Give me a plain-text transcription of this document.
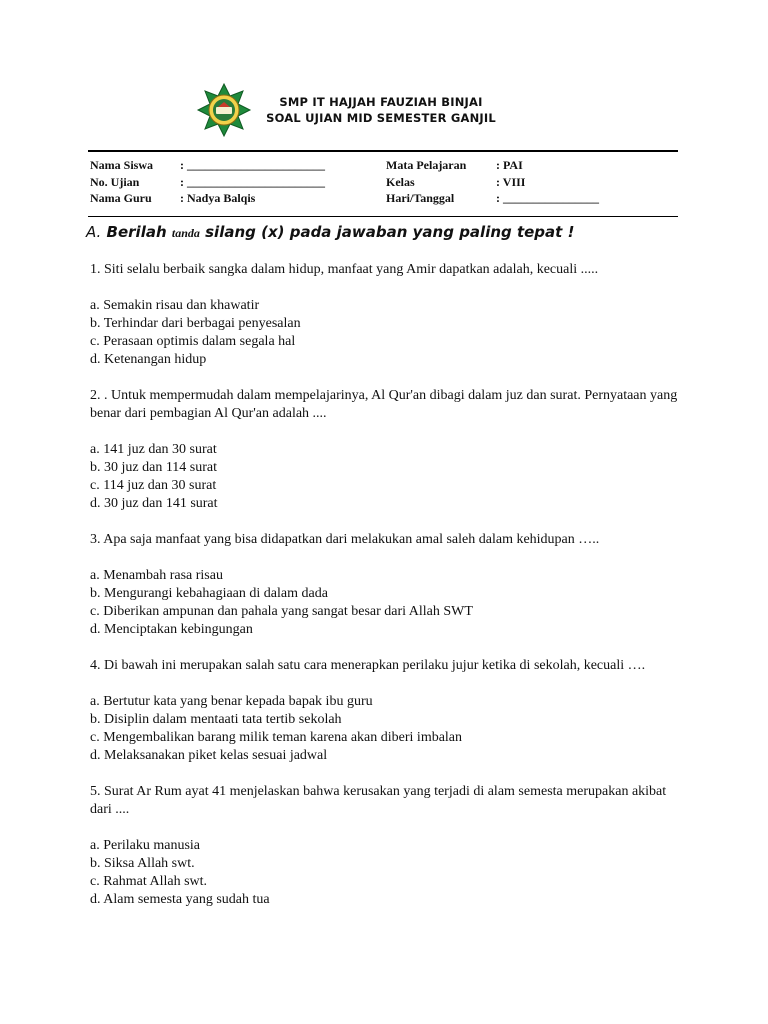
SMP IT HAJJAH FAUZIAH BINJAI
SOAL UJIAN MID SEMESTER GANJIL
Nama Siswa : _______________________	Mata Pelajaran : PAI
No. Ujian	: _______________________	Kelas	: VIII
Nama Guru : Nadya Balqis	Hari/Tanggal	: ________________
A. Berilah tanda silang (x) pada jawaban yang paling tepat !

1. Siti selalu berbaik sangka dalam hidup, manfaat yang Amir dapatkan adalah, kecuali .....

a. Semakin risau dan khawatir

b. Terhindar dari berbagai penyesalan

c. Perasaan optimis dalam segala hal

d. Ketenangan hidup

2. . Untuk mempermudah dalam mempelajarinya, Al Qur'an dibagi dalam juz dan surat. Pernyataan yang benar dari pembagian Al Qur'an adalah ....

a. 141 juz dan 30 surat

b. 30 juz dan 114 surat

c. 114 juz dan 30 surat

d. 30 juz dan 141 surat

3. Apa saja manfaat yang bisa didapatkan dari melakukan amal saleh dalam kehidupan …..

a. Menambah rasa risau

b. Mengurangi kebahagiaan di dalam dada

c. Diberikan ampunan dan pahala yang sangat besar dari Allah SWT

d. Menciptakan kebingungan

4. Di bawah ini merupakan salah satu cara menerapkan perilaku jujur ketika di sekolah, kecuali ….

a. Bertutur kata yang benar kepada bapak ibu guru

b. Disiplin dalam mentaati tata tertib sekolah

c. Mengembalikan barang milik teman karena akan diberi imbalan

d. Melaksanakan piket kelas sesuai jadwal

5. Surat Ar Rum ayat 41 menjelaskan bahwa kerusakan yang terjadi di alam semesta merupakan akibat dari ....

a. Perilaku manusia

b. Siksa Allah swt.

c. Rahmat Allah swt.

d. Alam semesta yang sudah tua
